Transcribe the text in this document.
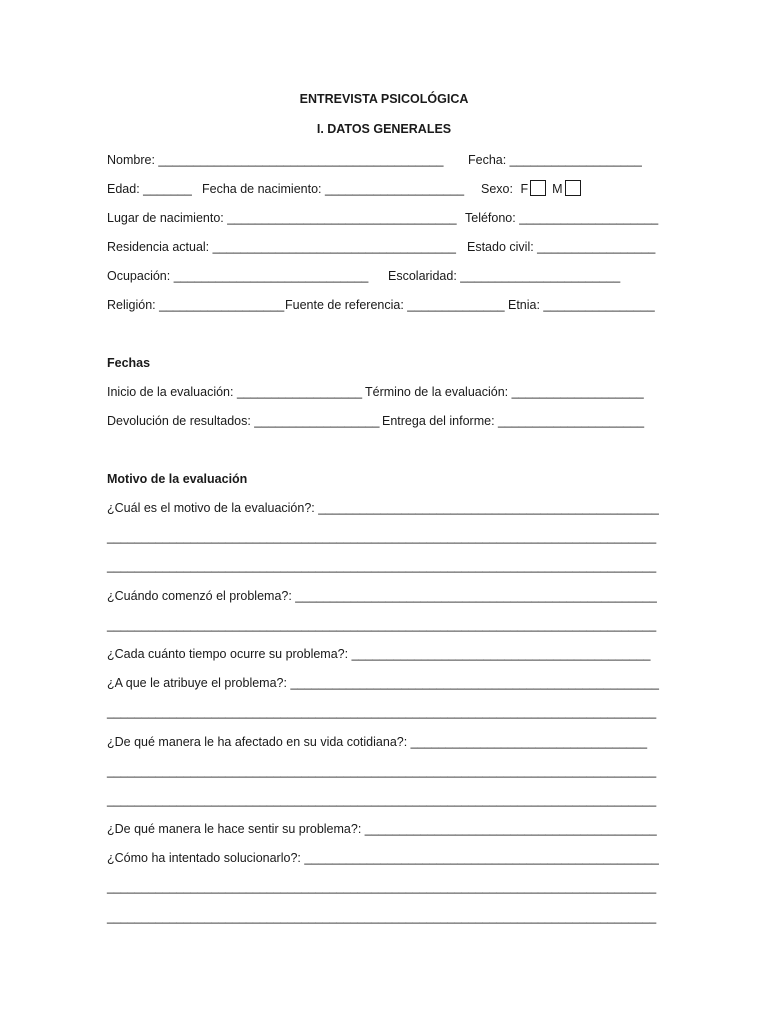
ENTREVISTA PSICOLÓGICA
I. DATOS GENERALES
Nombre: _________________________________________ Fecha: ___________________
Edad: _______ Fecha de nacimiento: ____________________ Sexo: F M
Lugar de nacimiento: _________________________________ Teléfono: ____________________
Residencia actual: ___________________________________ Estado civil: _________________
Ocupación: ____________________________ Escolaridad: _______________________
Religión: __________________ Fuente de referencia: ______________ Etnia: ________________
Fechas
Inicio de la evaluación: __________________ Término de la evaluación: ___________________
Devolución de resultados: __________________ Entrega del informe: _____________________
Motivo de la evaluación
¿Cuál es el motivo de la evaluación?: _________________________________________________
_______________________________________________________________________________
_______________________________________________________________________________
¿Cuándo comenzó el problema?: ____________________________________________________
_______________________________________________________________________________
¿Cada cuánto tiempo ocurre su problema?: ___________________________________________
¿A que le atribuye el problema?: _____________________________________________________
_______________________________________________________________________________
¿De qué manera le ha afectado en su vida cotidiana?: __________________________________
_______________________________________________________________________________
_______________________________________________________________________________
¿De qué manera le hace sentir su problema?: __________________________________________
¿Cómo ha intentado solucionarlo?: ___________________________________________________
_______________________________________________________________________________
_______________________________________________________________________________
